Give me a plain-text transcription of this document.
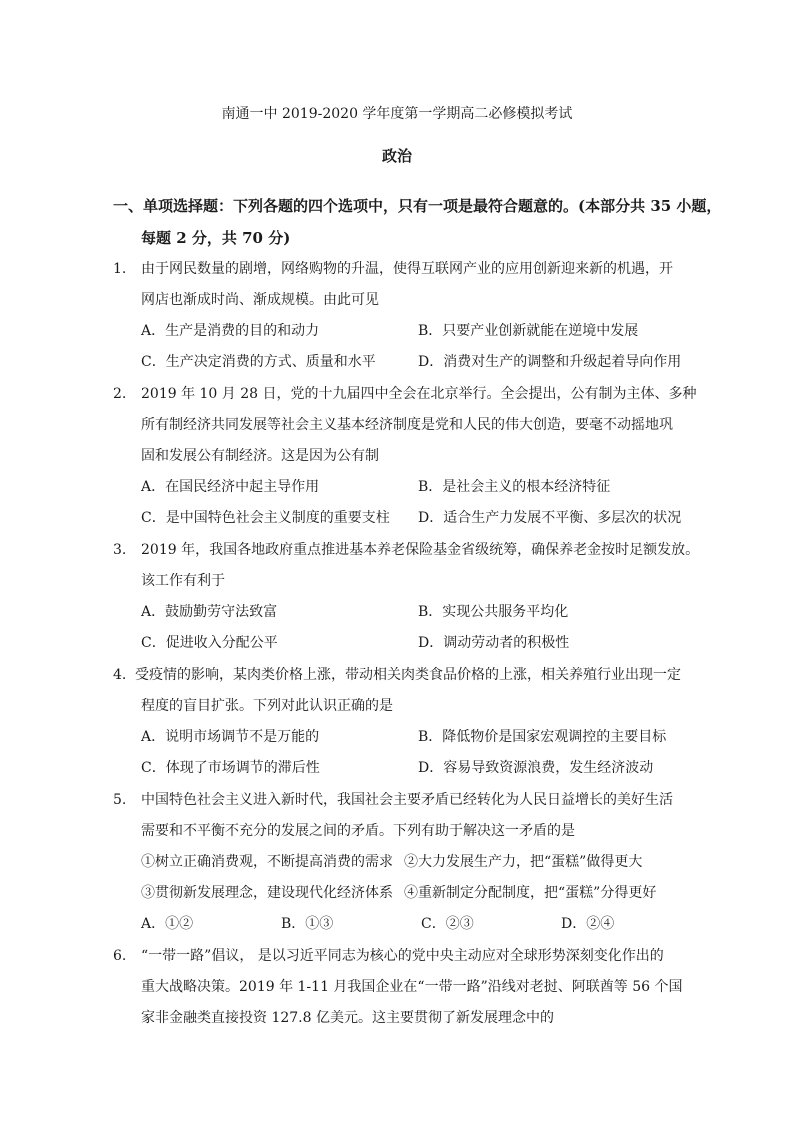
南通一中 2019-2020 学年度第一学期高二必修模拟考试
政治
一、单项选择题：下列各题的四个选项中，只有一项是最符合题意的。(本部分共 35 小题，
每题 2 分，共 70 分)
1. 由于网民数量的剧增，网络购物的升温，使得互联网产业的应用创新迎来新的机遇，开
网店也渐成时尚、渐成规模。由此可见
A．生产是消费的目的和动力	B．只要产业创新就能在逆境中发展
C．生产决定消费的方式、质量和水平	D．消费对生产的调整和升级起着导向作用
2. 2019 年 10 月 28 日，党的十九届四中全会在北京举行。全会提出，公有制为主体、多种
所有制经济共同发展等社会主义基本经济制度是党和人民的伟大创造，要毫不动摇地巩
固和发展公有制经济。这是因为公有制
A．在国民经济中起主导作用	B．是社会主义的根本经济特征
C．是中国特色社会主义制度的重要支柱 D．适合生产力发展不平衡、多层次的状况
3. 2019 年，我国各地政府重点推进基本养老保险基金省级统筹，确保养老金按时足额发放。
该工作有利于
A．鼓励勤劳守法致富	B．实现公共服务平均化
C．促进收入分配公平	D．调动劳动者的积极性
4. 受疫情的影响，某肉类价格上涨，带动相关肉类食品价格的上涨，相关养殖行业出现一定
程度的盲目扩张。下列对此认识正确的是
A．说明市场调节不是万能的	B．降低物价是国家宏观调控的主要目标
C．体现了市场调节的滞后性	D．容易导致资源浪费，发生经济波动
5. 中国特色社会主义进入新时代，我国社会主要矛盾已经转化为人民日益增长的美好生活
需要和不平衡不充分的发展之间的矛盾。下列有助于解决这一矛盾的是
①树立正确消费观，不断提高消费的需求 ②大力发展生产力，把“蛋糕”做得更大
③贯彻新发展理念，建设现代化经济体系 ④重新制定分配制度，把“蛋糕”分得更好
A．①②	B．①③	C．②③	D．②④
6. “一带一路”倡议， 是以习近平同志为核心的党中央主动应对全球形势深刻变化作出的
重大战略决策。2019 年 1-11 月我国企业在“一带一路”沿线对老挝、阿联酋等 56 个国
家非金融类直接投资 127.8 亿美元。这主要贯彻了新发展理念中的
